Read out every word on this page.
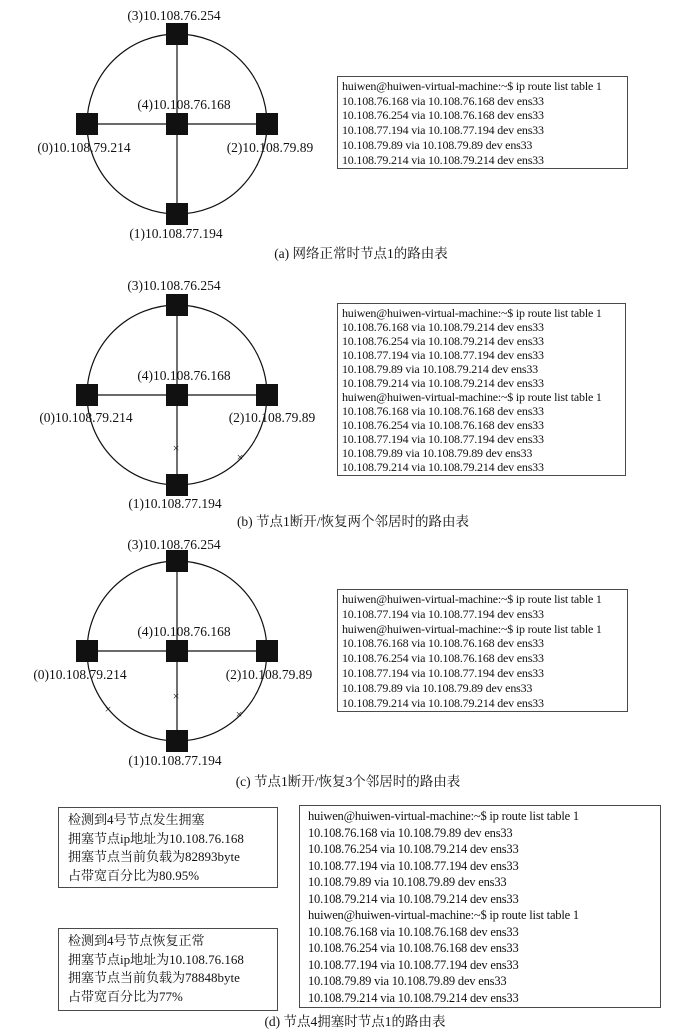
(3)10.108.76.254
(4)10.108.76.168
(0)10.108.79.214	(2)10.108.79.89
(1)10.108.77.194
huiwen@huiwen-virtual-machine:~$ ip route list table 1
10.108.76.168 via 10.108.76.168 dev ens33
10.108.76.254 via 10.108.76.168 dev ens33
10.108.77.194 via 10.108.77.194 dev ens33
10.108.79.89 via 10.108.79.89 dev ens33
10.108.79.214 via 10.108.79.214 dev ens33
(a) 网络正常时节点1的路由表
×
×
(3)10.108.76.254
(4)10.108.76.168
(0)10.108.79.214	(2)10.108.79.89
(1)10.108.77.194
huiwen@huiwen-virtual-machine:~$ ip route list table 1
10.108.76.168 via 10.108.79.214 dev ens33
10.108.76.254 via 10.108.79.214 dev ens33
10.108.77.194 via 10.108.77.194 dev ens33
10.108.79.89 via 10.108.79.214 dev ens33
10.108.79.214 via 10.108.79.214 dev ens33
huiwen@huiwen-virtual-machine:~$ ip route list table 1
10.108.76.168 via 10.108.76.168 dev ens33
10.108.76.254 via 10.108.76.168 dev ens33
10.108.77.194 via 10.108.77.194 dev ens33
10.108.79.89 via 10.108.79.89 dev ens33
10.108.79.214 via 10.108.79.214 dev ens33
(b) 节点1断开/恢复两个邻居时的路由表
×
×	×
(3)10.108.76.254
(4)10.108.76.168
(0)10.108.79.214	(2)10.108.79.89
(1)10.108.77.194
huiwen@huiwen-virtual-machine:~$ ip route list table 1
10.108.77.194 via 10.108.77.194 dev ens33
huiwen@huiwen-virtual-machine:~$ ip route list table 1
10.108.76.168 via 10.108.76.168 dev ens33
10.108.76.254 via 10.108.76.168 dev ens33
10.108.77.194 via 10.108.77.194 dev ens33
10.108.79.89 via 10.108.79.89 dev ens33
10.108.79.214 via 10.108.79.214 dev ens33
(c) 节点1断开/恢复3个邻居时的路由表
检测到4号节点发生拥塞
拥塞节点ip地址为10.108.76.168
拥塞节点当前负载为82893byte
占带宽百分比为80.95%
检测到4号节点恢复正常
拥塞节点ip地址为10.108.76.168
拥塞节点当前负载为78848byte
占带宽百分比为77%
huiwen@huiwen-virtual-machine:~$ ip route list table 1
10.108.76.168 via 10.108.79.89 dev ens33
10.108.76.254 via 10.108.79.214 dev ens33
10.108.77.194 via 10.108.77.194 dev ens33
10.108.79.89 via 10.108.79.89 dev ens33
10.108.79.214 via 10.108.79.214 dev ens33
huiwen@huiwen-virtual-machine:~$ ip route list table 1
10.108.76.168 via 10.108.76.168 dev ens33
10.108.76.254 via 10.108.76.168 dev ens33
10.108.77.194 via 10.108.77.194 dev ens33
10.108.79.89 via 10.108.79.89 dev ens33
10.108.79.214 via 10.108.79.214 dev ens33
(d) 节点4拥塞时节点1的路由表
